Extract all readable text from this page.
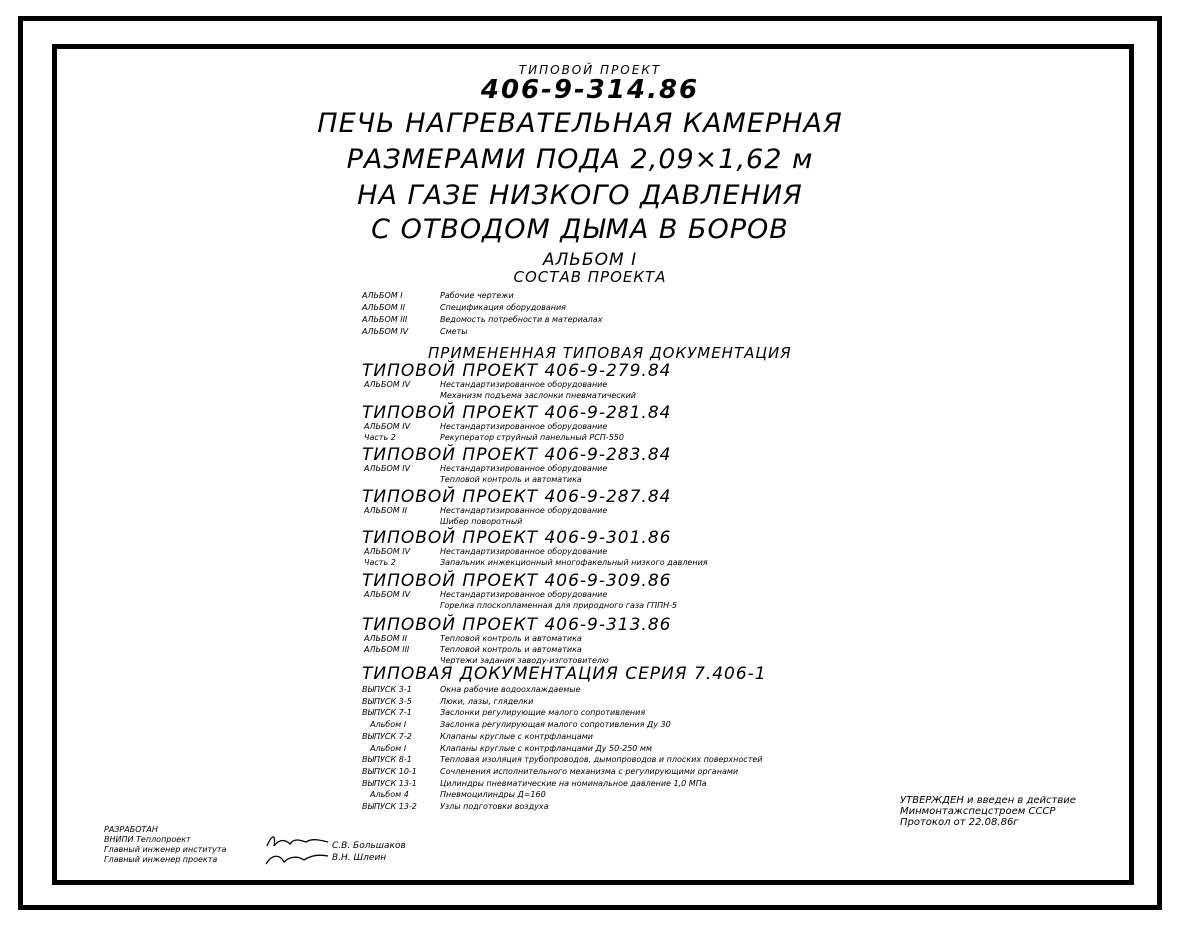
ТИПОВОЙ ПРОЕКТ
406-9-314.86
ПЕЧЬ НАГРЕВАТЕЛЬНАЯ КАМЕРНАЯ
РАЗМЕРАМИ ПОДА 2,09×1,62 м
НА ГАЗЕ НИЗКОГО ДАВЛЕНИЯ
С ОТВОДОМ ДЫМА В БОРОВ
АЛЬБОМ I
СОСТАВ ПРОЕКТА
АЛЬБОМ I	Рабочие чертежи
АЛЬБОМ II	Спецификация оборудования
АЛЬБОМ III	Ведомость потребности в материалах
АЛЬБОМ IV	Сметы
ПРИМЕНЕННАЯ ТИПОВАЯ ДОКУМЕНТАЦИЯ
ТИПОВОЙ ПРОЕКТ 406-9-279.84
АЛЬБОМ IV	Нестандартизированное оборудование
Механизм подъема заслонки пневматический
ТИПОВОЙ ПРОЕКТ 406-9-281.84
АЛЬБОМ IV	Нестандартизированное оборудование
Часть 2	Рекуператор струйный панельный РСП-550
ТИПОВОЙ ПРОЕКТ 406-9-283.84
АЛЬБОМ IV	Нестандартизированное оборудование
Тепловой контроль и автоматика
ТИПОВОЙ ПРОЕКТ 406-9-287.84
АЛЬБОМ II	Нестандартизированное оборудование
Шибер поворотный
ТИПОВОЙ ПРОЕКТ 406-9-301.86
АЛЬБОМ IV	Нестандартизированное оборудование
Часть 2	Запальник инжекционный многофакельный низкого давления
ТИПОВОЙ ПРОЕКТ 406-9-309.86
АЛЬБОМ IV	Нестандартизированное оборудование
Горелка плоскопламенная для природного газа ГППН-5
ТИПОВОЙ ПРОЕКТ 406-9-313.86
АЛЬБОМ II	Тепловой контроль и автоматика
АЛЬБОМ III	Тепловой контроль и автоматика
Чертежи задания заводу-изготовителю
ТИПОВАЯ ДОКУМЕНТАЦИЯ СЕРИЯ 7.406-1
ВЫПУСК 3-1	Окна рабочие водоохлаждаемые
ВЫПУСК 3-5	Люки, лазы, гляделки
ВЫПУСК 7-1	Заслонки регулирующие малого сопротивления
Альбом I	Заслонка регулирующая малого сопротивления Ду 30
ВЫПУСК 7-2	Клапаны круглые с контрфланцами
Альбом I	Клапаны круглые с контрфланцами Ду 50-250 мм
ВЫПУСК 8-1	Тепловая изоляция трубопроводов, дымопроводов и плоских поверхностей
ВЫПУСК 10-1	Сочленения исполнительного механизма с регулирующими органами
ВЫПУСК 13-1	Цилиндры пневматические на номинальное давление 1,0 МПа
Альбом 4	Пневмоцилиндры Д=160
ВЫПУСК 13-2	Узлы подготовки воздуха
УТВЕРЖДЕН и введен в действие
Минмонтажспецстроем СССР
Протокол от 22.08.86г
РАЗРАБОТАН
ВНИПИ Теплопроект
Главный инженер института
Главный инженер проекта
С.В. Большаков
В.Н. Шлеин
